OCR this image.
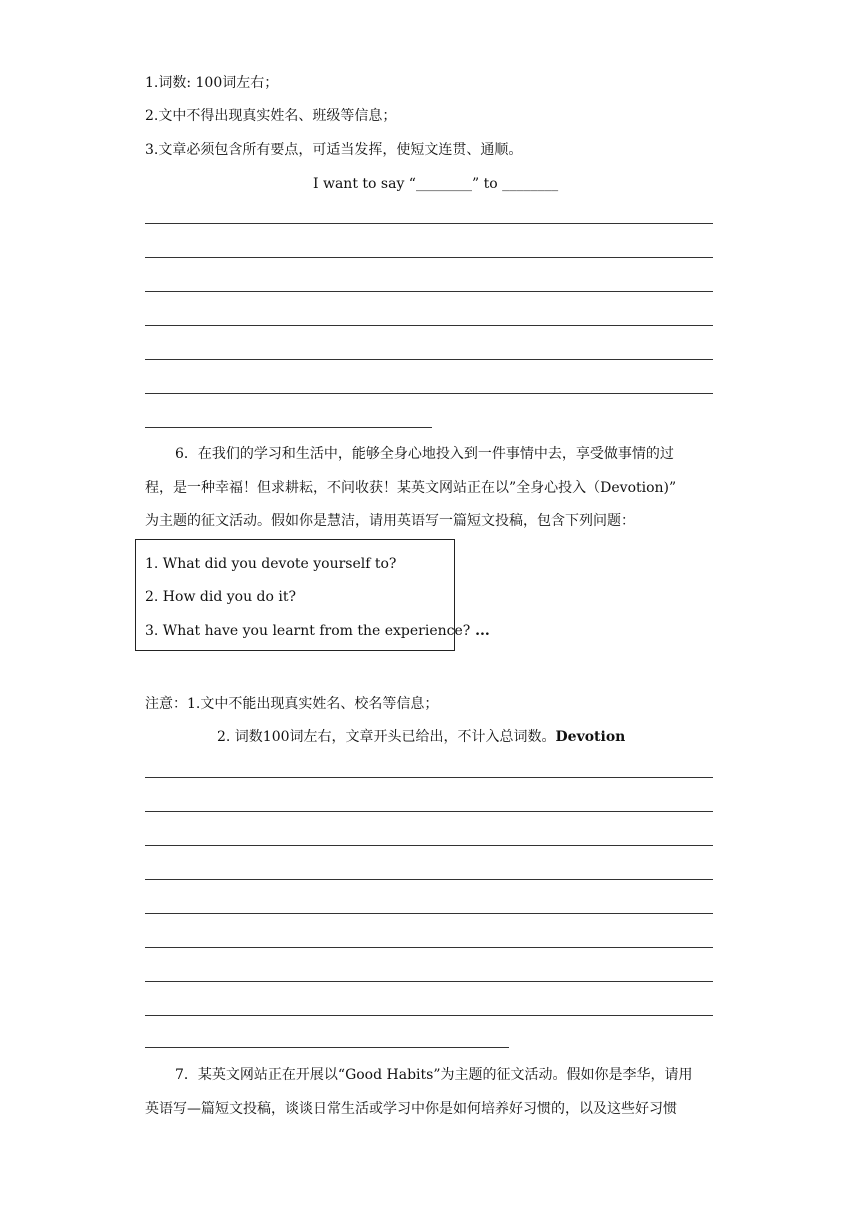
1.词数: 100词左右；
2.文中不得出现真实姓名、班级等信息；
3.文章必须包含所有要点，可适当发挥，使短文连贯、通顺。
I want to say “________” to ________
6．在我们的学习和生活中，能够全身心地投入到一件事情中去，享受做事情的过
程，是一种幸福！但求耕耘，不问收获！某英文网站正在以”全身心投入（Devotion)”
为主题的征文活动。假如你是慧洁，请用英语写一篇短文投稿，包含下列问题：
1. What did you devote yourself to?
2. How did you do it?
3. What have you learnt from the experience? ...
注意：1.文中不能出现真实姓名、校名等信息；
2. 词数100词左右，文章开头已给出，不计入总词数。Devotion
7．某英文网站正在开展以“Good Habits”为主题的征文活动。假如你是李华，请用
英语写—篇短文投稿，谈谈日常生活或学习中你是如何培养好习惯的，以及这些好习惯
